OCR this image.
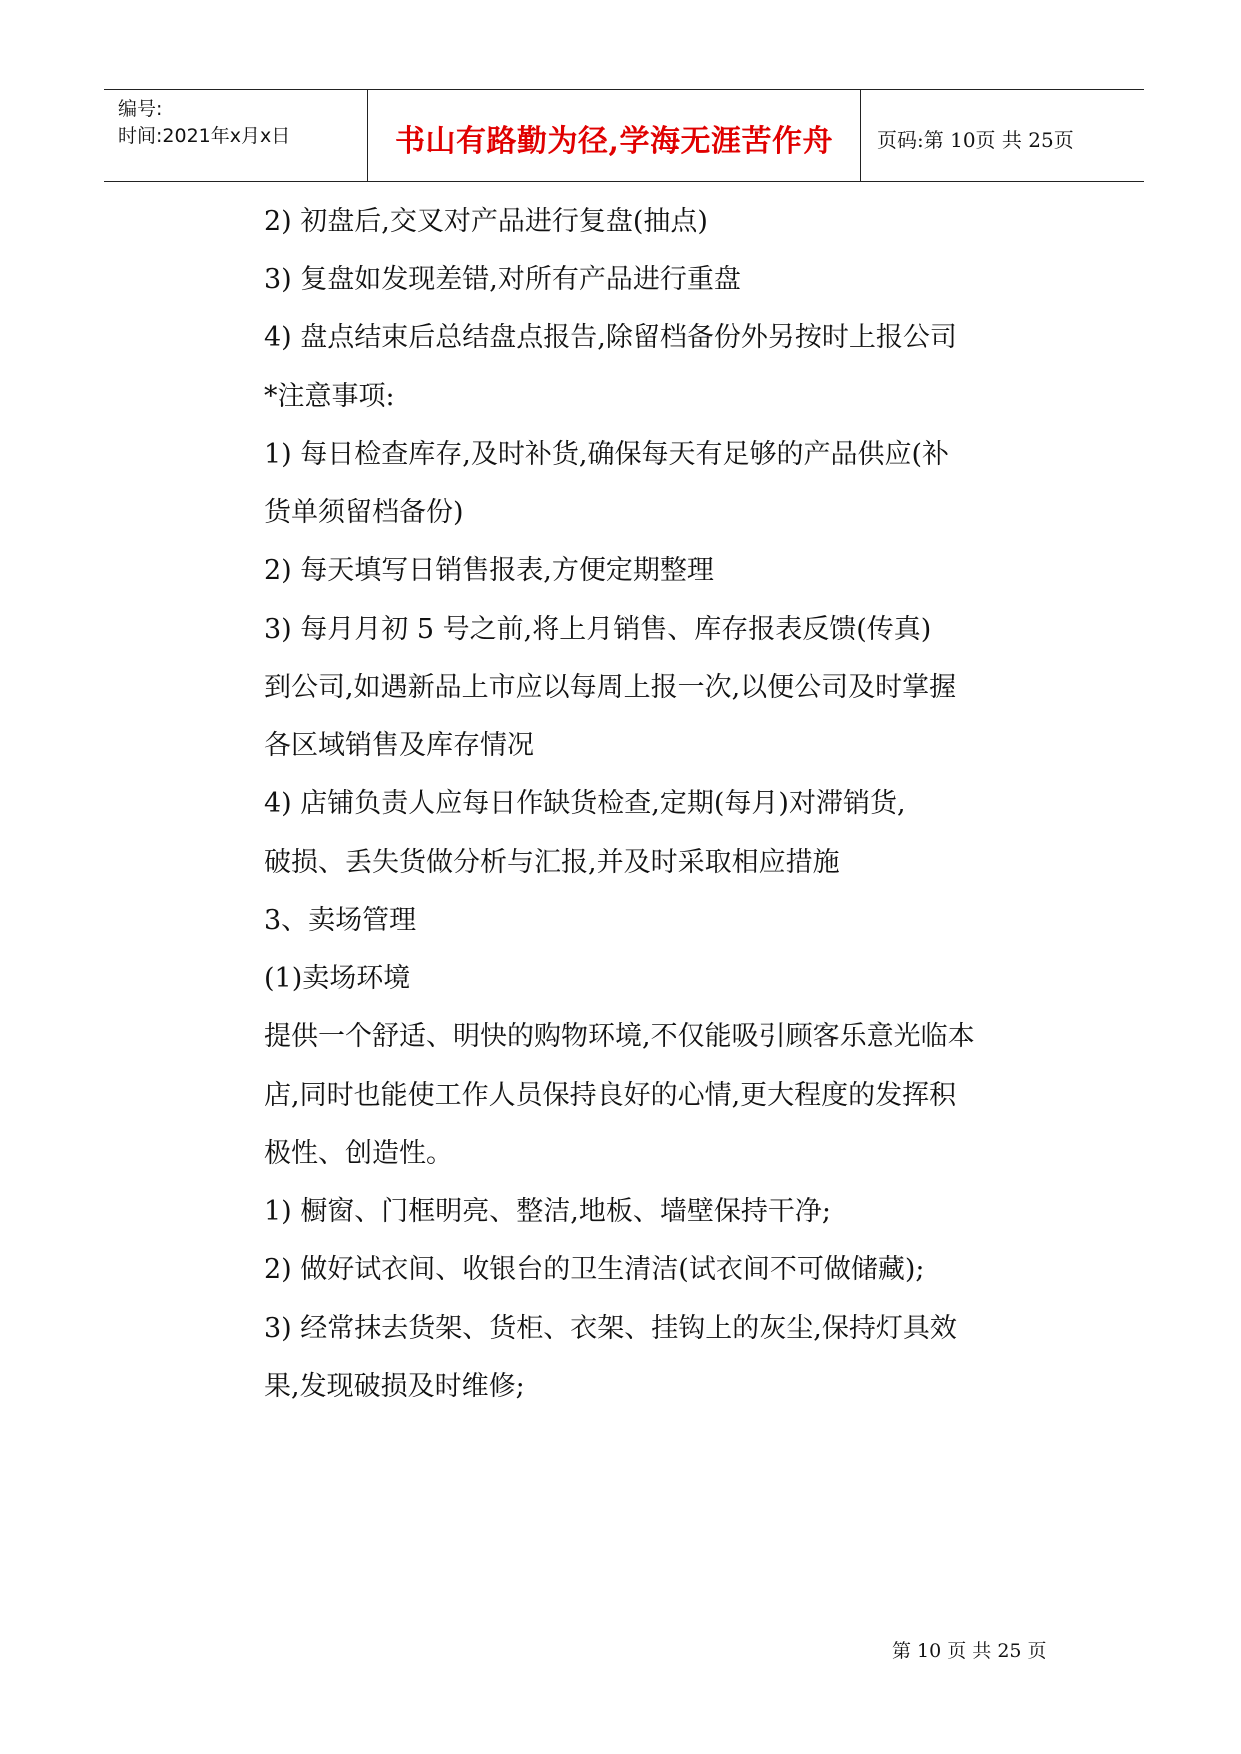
编号:
时间:2021年x月x日	书山有路勤为径,学海无涯苦作舟	页码:第 10页 共 25页
2) 初盘后,交叉对产品进行复盘(抽点)
3) 复盘如发现差错,对所有产品进行重盘
4) 盘点结束后总结盘点报告,除留档备份外另按时上报公司
*注意事项:
1) 每日检查库存,及时补货,确保每天有足够的产品供应(补
货单须留档备份)
2) 每天填写日销售报表,方便定期整理
3) 每月月初 5 号之前,将上月销售、库存报表反馈(传真)
到公司,如遇新品上市应以每周上报一次,以便公司及时掌握
各区域销售及库存情况
4) 店铺负责人应每日作缺货检查,定期(每月)对滞销货,
破损、丢失货做分析与汇报,并及时采取相应措施
3、卖场管理
(1)卖场环境
提供一个舒适、明快的购物环境,不仅能吸引顾客乐意光临本
店,同时也能使工作人员保持良好的心情,更大程度的发挥积
极性、创造性。
1) 橱窗、门框明亮、整洁,地板、墙壁保持干净;
2) 做好试衣间、收银台的卫生清洁(试衣间不可做储藏);
3) 经常抹去货架、货柜、衣架、挂钩上的灰尘,保持灯具效
果,发现破损及时维修;
第 10 页 共 25 页
